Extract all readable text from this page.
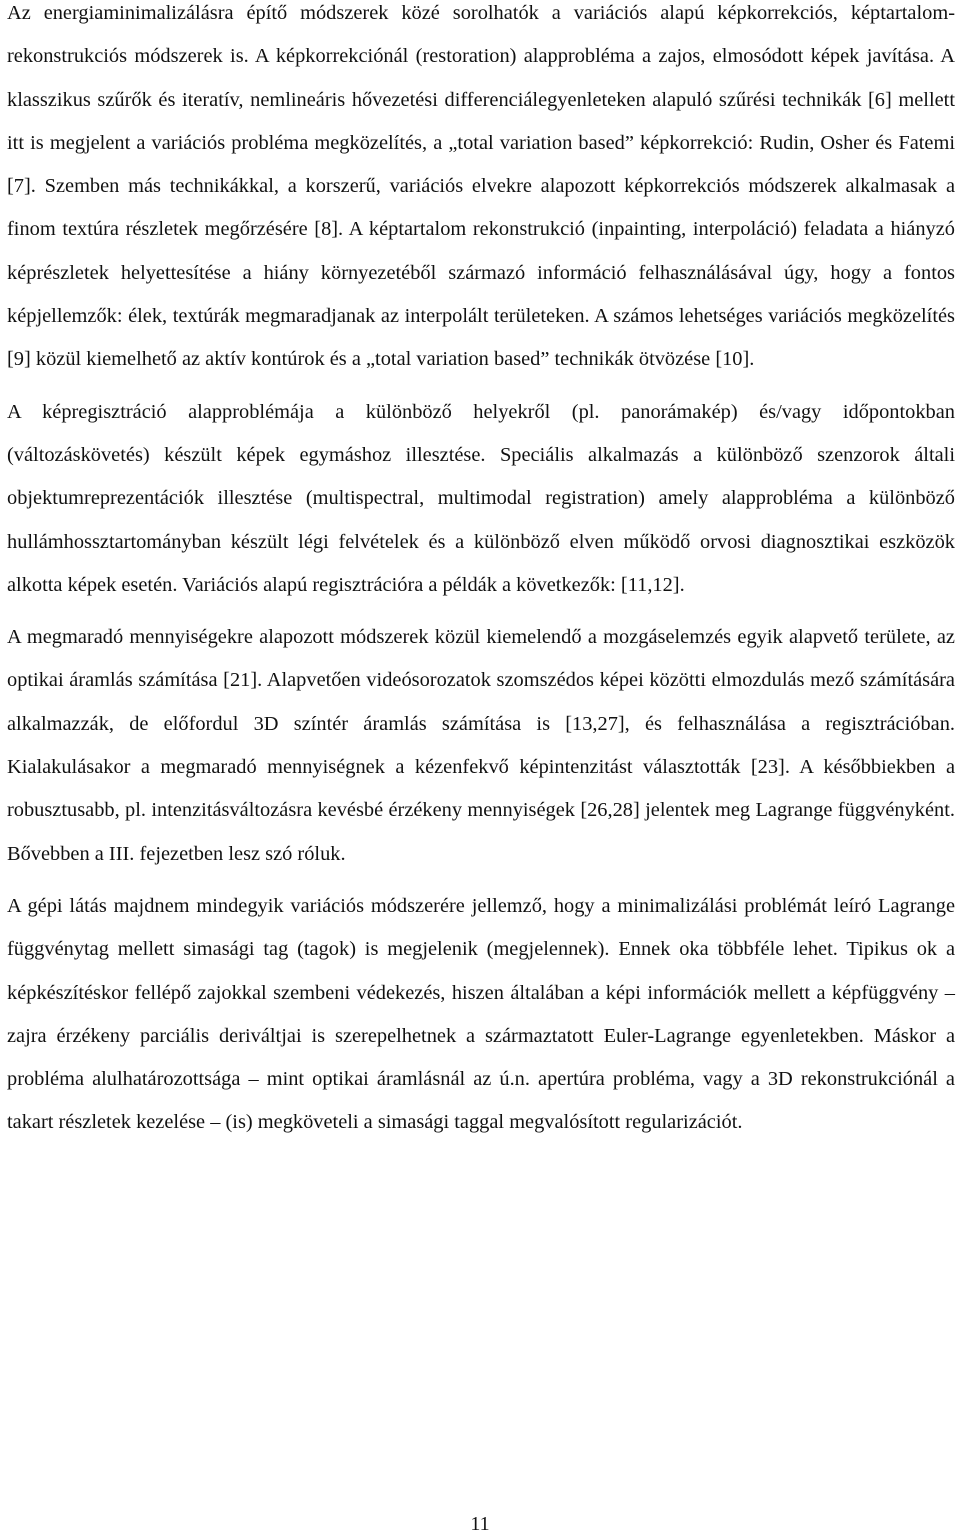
Az energiaminimalizálásra építő módszerek közé sorolhatók a variációs alapú képkorrekciós, képtartalom-rekonstrukciós módszerek is. A képkorrekciónál (restoration) alapprobléma a zajos, elmosódott képek javítása. A klasszikus szűrők és iteratív, nemlineáris hővezetési differenciálegyenleteken alapuló szűrési technikák [6] mellett itt is megjelent a variációs probléma megközelítés, a „total variation based” képkorrekció: Rudin, Osher és Fatemi [7]. Szemben más technikákkal, a korszerű, variációs elvekre alapozott képkorrekciós módszerek alkalmasak a finom textúra részletek megőrzésére [8]. A képtartalom rekonstrukció (inpainting, interpoláció) feladata a hiányzó képrészletek helyettesítése a hiány környezetéből származó információ felhasználásával úgy, hogy a fontos képjellemzők: élek, textúrák megmaradjanak az interpolált területeken. A számos lehetséges variációs megközelítés [9] közül kiemelhető az aktív kontúrok és a „total variation based” technikák ötvözése [10].

A képregisztráció alapproblémája a különböző helyekről (pl. panorámakép) és/vagy időpontokban (változáskövetés) készült képek egymáshoz illesztése. Speciális alkalmazás a különböző szenzorok általi objektumreprezentációk illesztése (multispectral, multimodal registration) amely alapprobléma a különböző hullámhossztartományban készült légi felvételek és a különböző elven működő orvosi diagnosztikai eszközök alkotta képek esetén. Variációs alapú regisztrációra a példák a következők: [11,12].

A megmaradó mennyiségekre alapozott módszerek közül kiemelendő a mozgáselemzés egyik alapvető területe, az optikai áramlás számítása [21]. Alapvetően videósorozatok szomszédos képei közötti elmozdulás mező számítására alkalmazzák, de előfordul 3D színtér áramlás számítása is [13,27], és felhasználása a regisztrációban. Kialakulásakor a megmaradó mennyiségnek a kézenfekvő képintenzitást választották [23]. A későbbiekben a robusztusabb, pl. intenzitásváltozásra kevésbé érzékeny mennyiségek [26,28] jelentek meg Lagrange függvényként. Bővebben a III. fejezetben lesz szó róluk.

A gépi látás majdnem mindegyik variációs módszerére jellemző, hogy a minimalizálási problémát leíró Lagrange függvénytag mellett simasági tag (tagok) is megjelenik (megjelennek). Ennek oka többféle lehet. Tipikus ok a képkészítéskor fellépő zajokkal szembeni védekezés, hiszen általában a képi információk mellett a képfüggvény – zajra érzékeny parciális deriváltjai is szerepelhetnek a származtatott Euler-Lagrange egyenletekben. Máskor a probléma alulhatározottsága – mint optikai áramlásnál az ú.n. apertúra probléma, vagy a 3D rekonstrukciónál a takart részletek kezelése – (is) megköveteli a simasági taggal megvalósított regularizációt.

11
